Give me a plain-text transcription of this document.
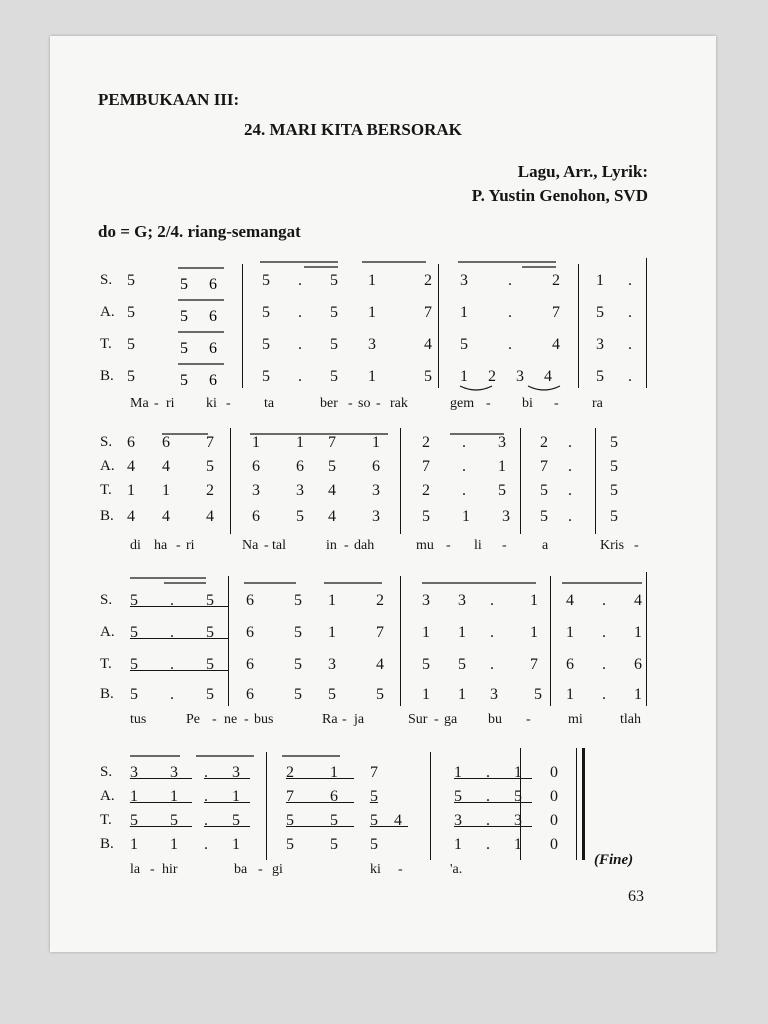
PEMBUKAAN III:
24. MARI KITA BERSORAK
Lagu, Arr., Lyrik:
P. Yustin Genohon, SVD
do = G; 2/4. riang-semangat
S.
A.
T.
B.
5	5 6	5 . 5 1 2 3 . 2 1 .
5	5 6	5 . 5 1 7 1 . 7 5 .
5	5 6	5 . 5 3 4 5 . 4 3 .
5	5 6	5 . 5 1 5 1 2 3 4 5 .
Ma - ri ki - ta	ber - so - rak	gem - bi - ra
S.
A.
T.
B.
6 6 7 1 1 7 1 2 . 3 2 . 5
4 4 5 6 6 5 6 7 . 1 7 . 5
1 1 2 3 3 4 3 2 . 5 5 . 5
4 4 4 6 5 4 3 5 1 3 5 . 5
di ha - ri	Na - tal	in - dah	mu - li -	a	Kris -
S.
A.
T.
B.
5 . 5 6 5 1 2 3 3 . 1 4 . 4
5 . 5 6 5 1 7 1 1 . 1 1 . 1
5 . 5 6 5 3 4 5 5 . 7 6 . 6
5 . 5 6 5 5 5 1 1 3 5 1 . 1
tus	Pe - ne - bus	Ra - ja	Sur - ga bu -	mi	tlah
S.
A.
T.
B.
3 3 . 3 2 1 7	1 . 1 0
1 1 . 1 7 6 5	5 . 5 0
5 5 . 5 5 5 5 4	3 . 3 0
1 1 . 1 5 5 5	1 . 1 0
la - hir	ba - gi	ki -	'a.
(Fine)
63
